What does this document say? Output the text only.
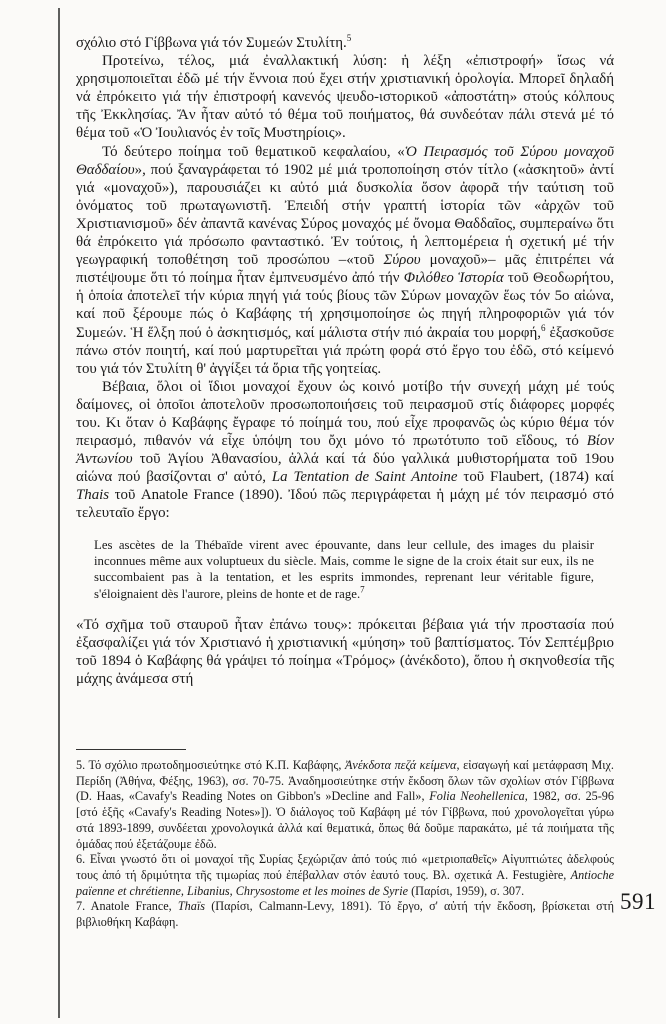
σχόλιο στό Γίββωνα γιά τόν Συμεών Στυλίτη.$^5$

Προτείνω, τέλος, μιά ἐναλλακτική λύση: ἡ λέξη «ἐπιστροφή» ἴσως νά χρησιμοποιεῖται ἐδῶ μέ τήν ἔννοια πού ἔχει στήν χριστιανική ὁρολογία. Μπορεῖ δηλαδή νά ἐπρόκειτο γιά τήν ἐπιστροφή κανενός ψευδο-ιστορικοῦ «ἀποστάτη» στούς κόλπους τῆς Ἐκκλησίας. Ἄν ἦταν αὐτό τό θέμα τοῦ ποιήματος, θά συνδεόταν πάλι στενά μέ τό θέμα τοῦ «Ὁ Ἰουλιανός ἐν τοῖς Μυστηρίοις».

Τό δεύτερο ποίημα τοῦ θεματικοῦ κεφαλαίου, «Ὁ Πειρασμός τοῦ Σύρου μοναχοῦ Θαδδαίου», πού ξαναγράφεται τό 1902 μέ μιά τροποποίηση στόν τίτλο («ἀσκητοῦ» ἀντί γιά «μοναχοῦ»), παρουσιάζει κι αὐτό μιά δυσκολία ὅσον ἀφορᾶ τήν ταύτιση τοῦ ὀνόματος τοῦ πρωταγωνιστῆ. Ἐπειδή στήν γραπτή ἱστορία τῶν «ἀρχῶν τοῦ Χριστιανισμοῦ» δέν ἀπαντᾶ κανένας Σύρος μοναχός μέ ὄνομα Θαδδαῖος, συμπεραίνω ὅτι θά ἐπρόκειτο γιά πρόσωπο φανταστικό. Ἐν τούτοις, ἡ λεπτομέρεια ἡ σχετική μέ τήν γεωγραφική τοποθέτηση τοῦ προσώπου –«τοῦ Σύρου μοναχοῦ»– μᾶς ἐπιτρέπει νά πιστέψουμε ὅτι τό ποίημα ἦταν ἐμπνευσμένο ἀπό τήν Φιλόθεο Ἱστορία τοῦ Θεοδωρήτου, ἡ ὁποία ἀποτελεῖ τήν κύρια πηγή γιά τούς βίους τῶν Σύρων μοναχῶν ἕως τόν 5ο αἰώνα, καί ποῦ ξέρουμε πώς ὁ Καβάφης τή χρησιμοποίησε ὡς πηγή πληροφοριῶν γιά τόν Συμεών. Ἡ ἕλξη πού ὁ ἀσκητισμός, καί μάλιστα στήν πιό ἀκραία του μορφή,$^6$ ἐξασκοῦσε πάνω στόν ποιητή, καί πού μαρτυρεῖται γιά πρώτη φορά στό ἔργο του ἐδῶ, στό κείμενό του γιά τόν Στυλίτη θ' ἀγγίξει τά ὅρια τῆς γοητείας.

Βέβαια, ὅλοι οἱ ἴδιοι μοναχοί ἔχουν ὡς κοινό μοτίβο τήν συνεχή μάχη μέ τούς δαίμονες, οἱ ὁποῖοι ἀποτελοῦν προσωποποιήσεις τοῦ πειρασμοῦ στίς διάφορες μορφές του. Κι ὅταν ὁ Καβάφης ἔγραφε τό ποίημά του, πού εἶχε προφανῶς ὡς κύριο θέμα τόν πειρασμό, πιθανόν νά εἶχε ὑπόψη του ὄχι μόνο τό πρωτότυπο τοῦ εἴδους, τό Βίον Ἀντωνίου τοῦ Ἁγίου Ἀθανασίου, ἀλλά καί τά δύο γαλλικά μυθιστορήματα τοῦ 19ου αἰώνα πού βασίζονται σ' αὐτό, La Tentation de Saint Antoine τοῦ Flaubert, (1874) καί Thais τοῦ Anatole France (1890). Ἰδού πῶς περιγράφεται ἡ μάχη μέ τόν πειρασμό στό τελευταῖο ἔργο:

Les ascètes de la Thébaïde virent avec épouvante, dans leur cellule, des images du plaisir inconnues même aux voluptueux du siècle. Mais, comme le signe de la croix était sur eux, ils ne succombaient pas à la tentation, et les esprits immondes, reprenant leur véritable figure, s'éloignaient dès l'aurore, pleins de honte et de rage.$^7$

«Τό σχῆμα τοῦ σταυροῦ ἦταν ἐπάνω τους»: πρόκειται βέβαια γιά τήν προστασία πού ἐξασφαλίζει γιά τόν Χριστιανό ἡ χριστιανική «μύηση» τοῦ βαπτίσματος. Τόν Σεπτέμβριο τοῦ 1894 ὁ Καβάφης θά γράψει τό ποίημα «Τρόμος» (ἀνέκδοτο), ὅπου ἡ σκηνοθεσία τῆς μάχης ἀνάμεσα στή

5. Τό σχόλιο πρωτοδημοσιεύτηκε στό Κ.Π. Καβάφης, Ἀνέκδοτα πεζά κείμενα, εἰσαγωγή καί μετάφραση Μιχ. Περίδη (Ἀθήνα, Φέξης, 1963), σσ. 70-75. Ἀναδημοσιεύτηκε στήν ἔκδοση ὅλων τῶν σχολίων στόν Γίββωνα (D. Haas, «Cavafy's Reading Notes on Gibbon's »Decline and Fall», Folia Neohellenica, 1982, σσ. 25-96 [στό ἑξῆς «Cavafy's Reading Notes»]). Ὁ διάλογος τοῦ Καβάφη μέ τόν Γίββωνα, πού χρονολογεῖται γύρω στά 1893-1899, συνδέεται χρονολογικά ἀλλά καί θεματικά, ὅπως θά δοῦμε παρακάτω, μέ τά ποιήματα τῆς ὁμάδας πού ἐξετάζουμε ἐδῶ.

6. Εἶναι γνωστό ὅτι οἱ μοναχοί τῆς Συρίας ξεχώριζαν ἀπό τούς πιό «μετριοπαθεῖς» Αἰγυπτιώτες ἀδελφούς τους ἀπό τή δριμύτητα τῆς τιμωρίας πού ἐπέβαλλαν στόν ἑαυτό τους. Βλ. σχετικά A. Festugière, Antioche païenne et chrétienne, Libanius, Chrysostome et les moines de Syrie (Παρίσι, 1959), σ. 307.

7. Anatole France, Thaïs (Παρίσι, Calmann-Levy, 1891). Τό ἔργο, σ' αὐτή τήν ἔκδοση, βρίσκεται στή βιβλιοθήκη Καβάφη.

591
